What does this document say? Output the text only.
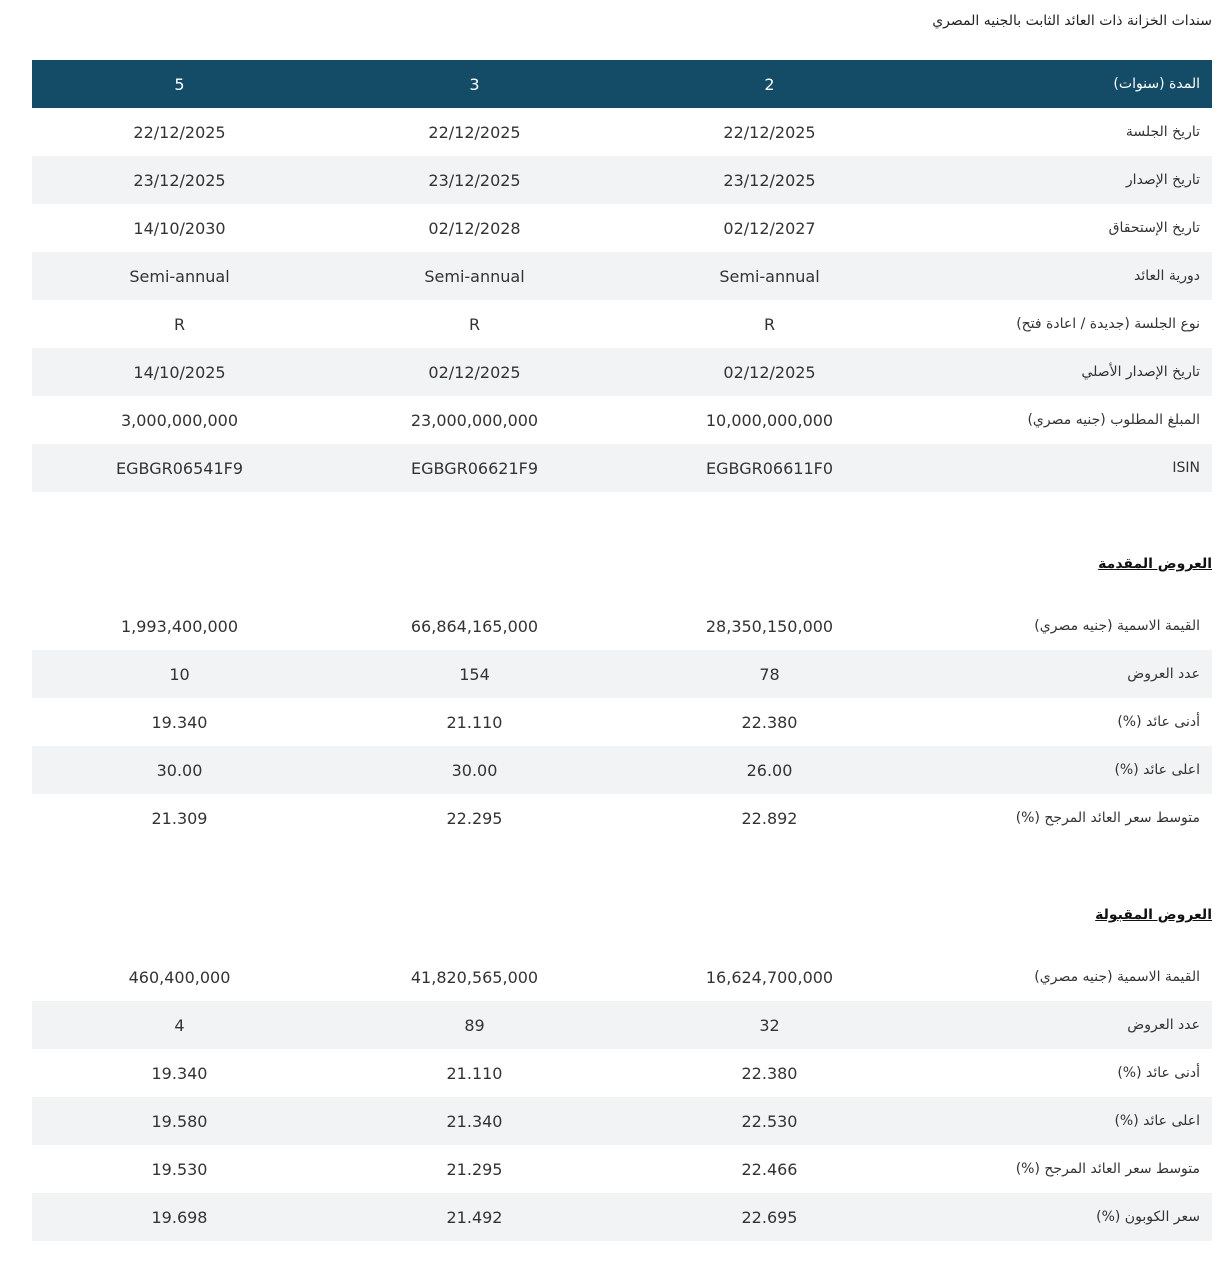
سندات الخزانة ذات العائد الثابت بالجنيه المصري
5	3	2	المدة (سنوات)
22/12/2025	22/12/2025	22/12/2025	تاريخ الجلسة
23/12/2025	23/12/2025	23/12/2025	تاريخ الإصدار
14/10/2030	02/12/2028	02/12/2027	تاريخ الإستحقاق
Semi-annual	Semi-annual	Semi-annual	دورية العائد
R	R	R	نوع الجلسة (جديدة / اعادة فتح)
14/10/2025	02/12/2025	02/12/2025	تاريخ الإصدار الأصلي
3,000,000,000	23,000,000,000	10,000,000,000	المبلغ المطلوب (جنيه مصري)
EGBGR06541F9	EGBGR06621F9	EGBGR06611F0	ISIN
العروض المقدمة
1,993,400,000	66,864,165,000	28,350,150,000	القيمة الاسمية (جنيه مصري)
10	154	78	عدد العروض
19.340	21.110	22.380	أدنى عائد (%)
30.00	30.00	26.00	اعلى عائد (%)
21.309	22.295	22.892	متوسط سعر العائد المرجح (%)
العروض المقبولة
460,400,000	41,820,565,000	16,624,700,000	القيمة الاسمية (جنيه مصري)
4	89	32	عدد العروض
19.340	21.110	22.380	أدنى عائد (%)
19.580	21.340	22.530	اعلى عائد (%)
19.530	21.295	22.466	متوسط سعر العائد المرجح (%)
19.698	21.492	22.695	سعر الكوبون (%)
